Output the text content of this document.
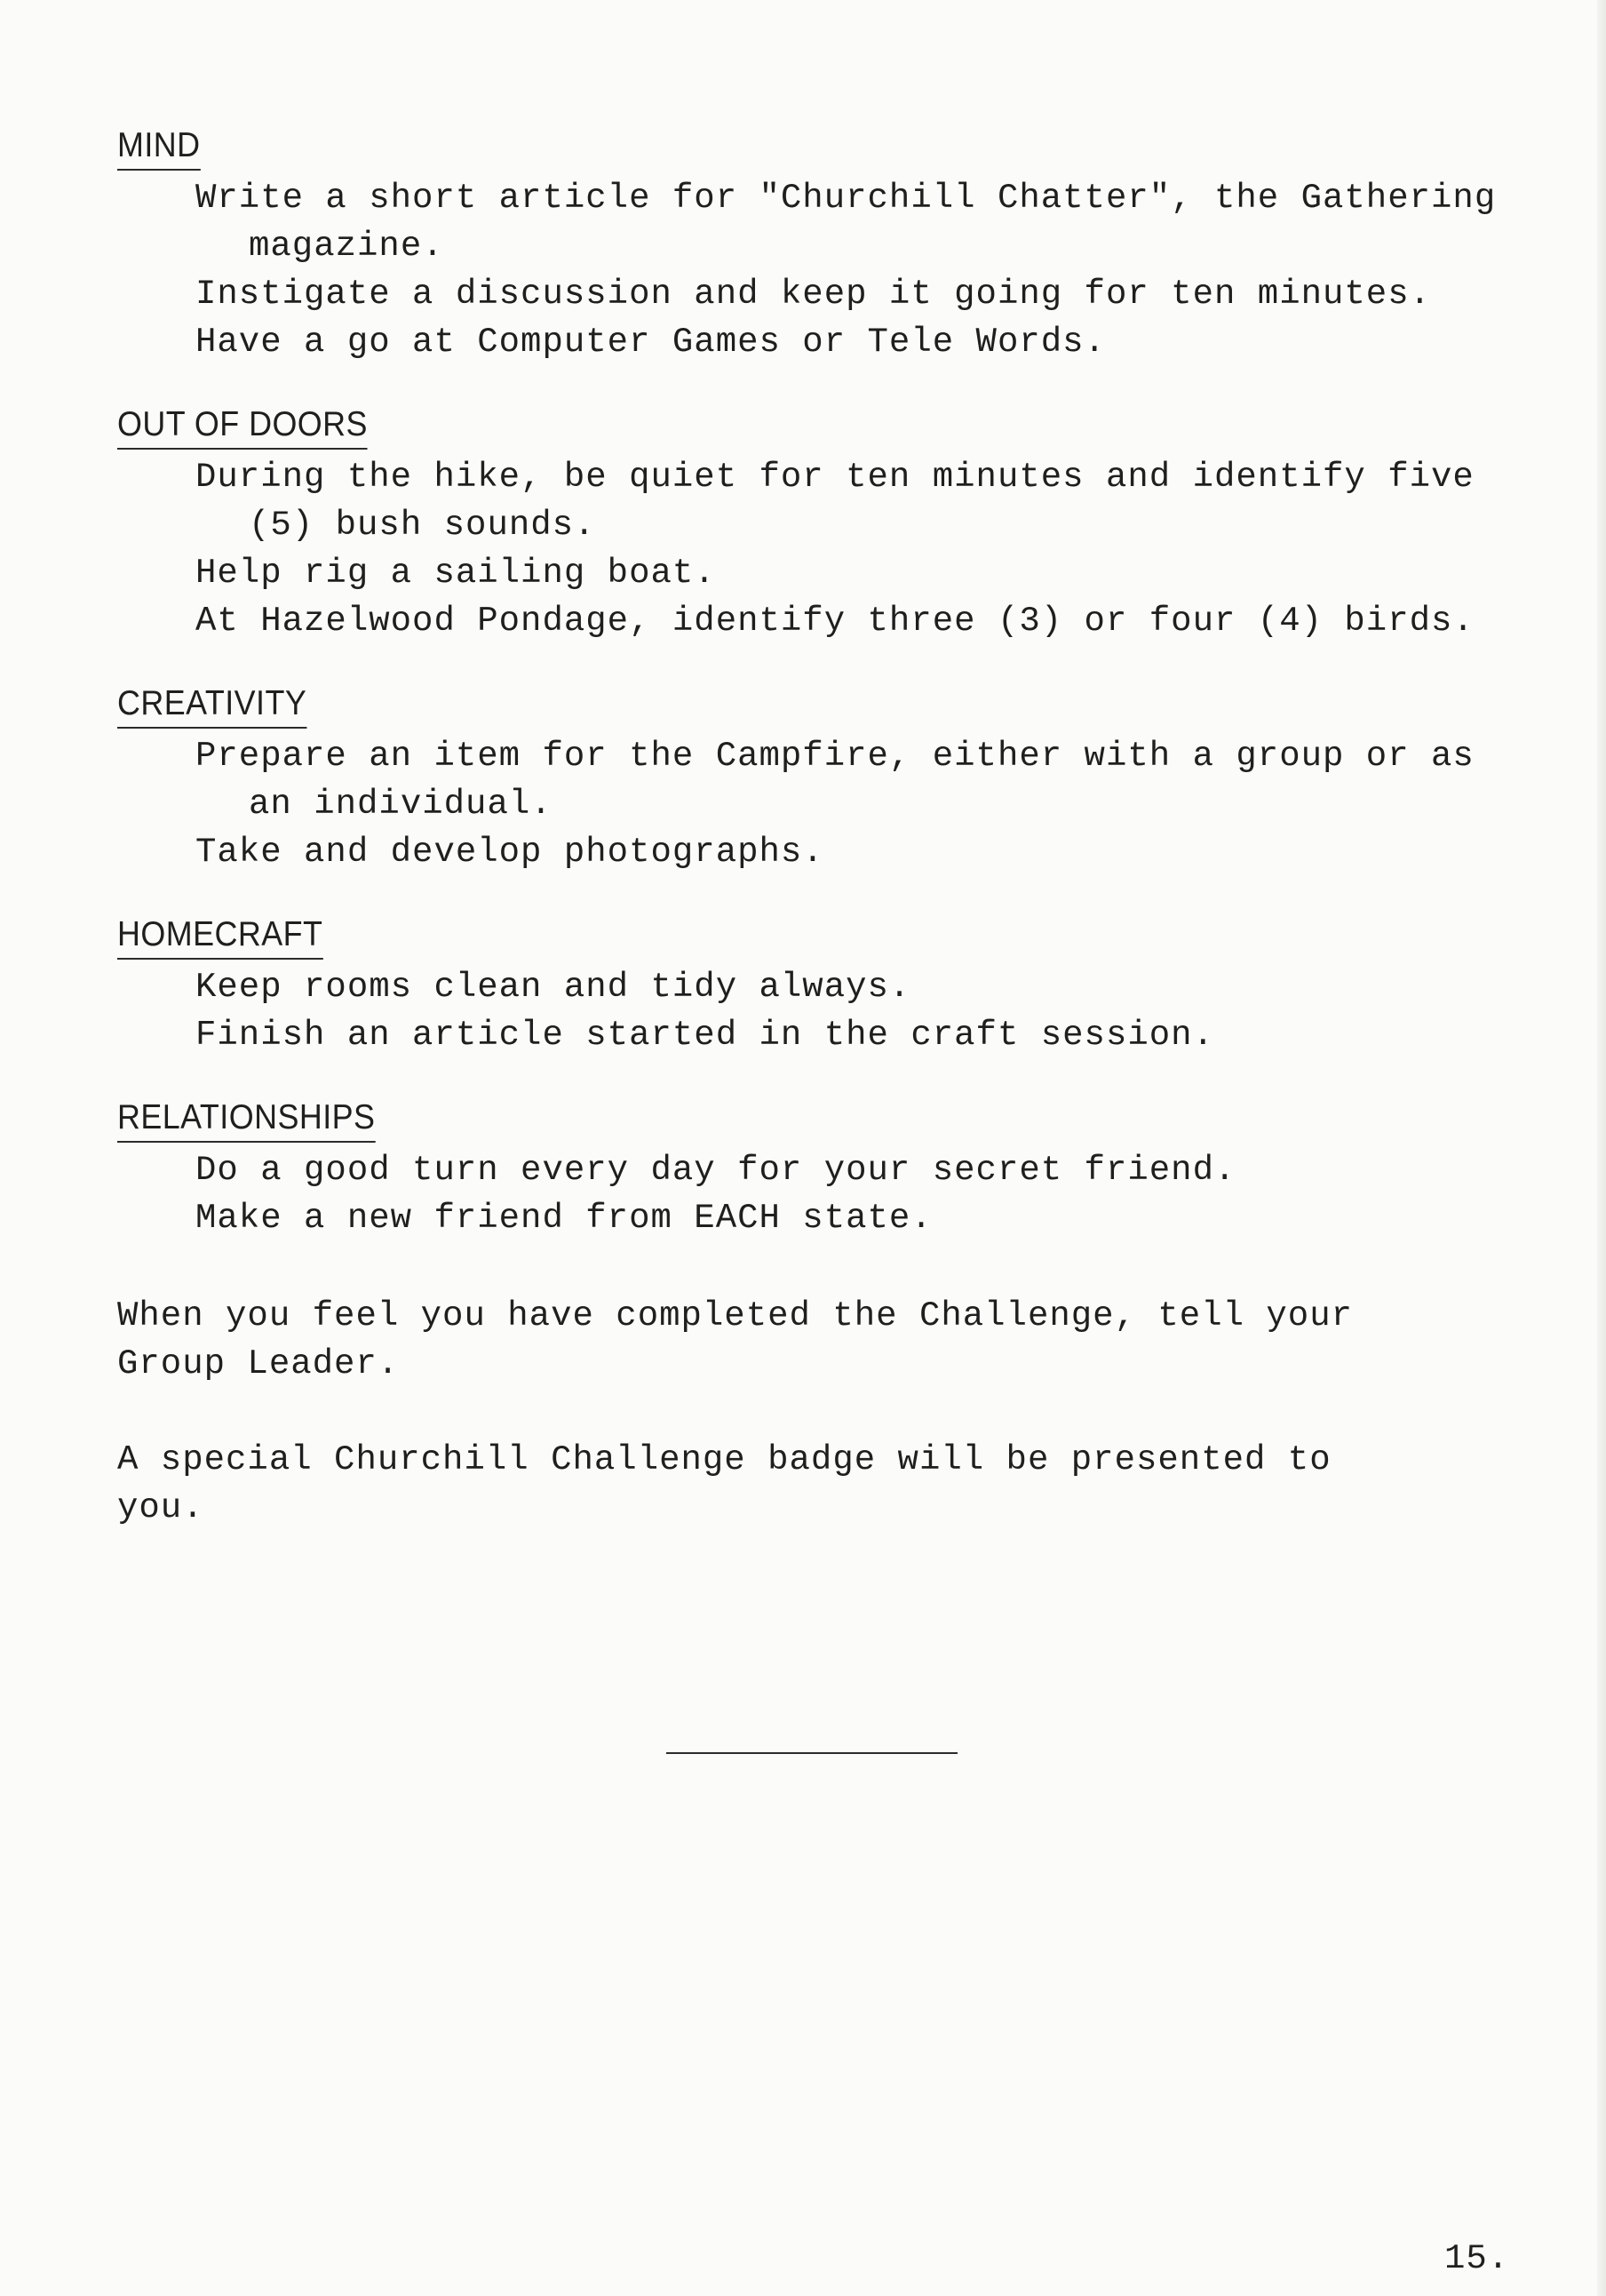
MIND
Write a short article for "Churchill Chatter", the Gathering magazine.
Instigate a discussion and keep it going for ten minutes.
Have a go at Computer Games or Tele Words.
OUT OF DOORS
During the hike, be quiet for ten minutes and identify five (5) bush sounds.
Help rig a sailing boat.
At Hazelwood Pondage, identify three (3) or four (4) birds.
CREATIVITY
Prepare an item for the Campfire, either with a group or as an individual.
Take and develop photographs.
HOMECRAFT
Keep rooms clean and tidy always.
Finish an article started in the craft session.
RELATIONSHIPS
Do a good turn every day for your secret friend.
Make a new friend from EACH state.
When you feel you have completed the Challenge, tell your Group Leader.
A special Churchill Challenge badge will be presented to you.
15.
